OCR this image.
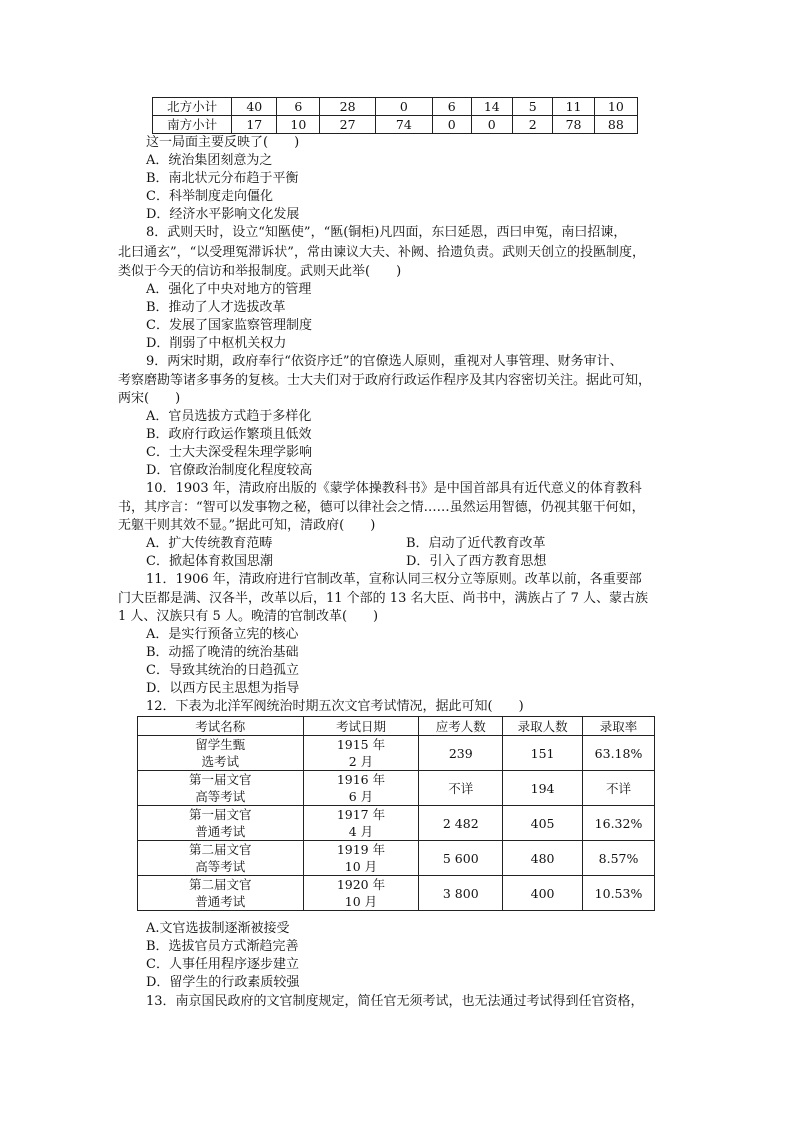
北方小计	40	6	28	0	6	14	5	11	10
南方小计	17	10	27	74	0	0	2	78	88
这一局面主要反映了(　　)
A．统治集团刻意为之
B．南北状元分布趋于平衡
C．科举制度走向僵化
D．经济水平影响文化发展
8．武则天时，设立“知匦使”，“匦(铜柜)凡四面，东曰延恩，西曰申冤，南曰招谏，
北曰通玄”，“以受理冤滞诉状”，常由谏议大夫、补阙、拾遗负责。武则天创立的投匦制度，
类似于今天的信访和举报制度。武则天此举(　　)
A．强化了中央对地方的管理
B．推动了人才选拔改革
C．发展了国家监察管理制度
D．削弱了中枢机关权力
9．两宋时期，政府奉行“依资序迁”的官僚选人原则，重视对人事管理、财务审计、
考察磨勘等诸多事务的复核。士大夫们对于政府行政运作程序及其内容密切关注。据此可知，
两宋(　　)
A．官员选拔方式趋于多样化
B．政府行政运作繁琐且低效
C．士大夫深受程朱理学影响
D．官僚政治制度化程度较高
10．1903 年，清政府出版的《蒙学体操教科书》是中国首部具有近代意义的体育教科
书，其序言：“智可以发事物之秘，德可以律社会之情……虽然运用智德，仍视其躯干何如，
无躯干则其效不显。”据此可知，清政府(　　)
A．扩大传统教育范畴	B．启动了近代教育改革
C．掀起体育救国思潮	D．引入了西方教育思想
11．1906 年，清政府进行官制改革，宣称认同三权分立等原则。改革以前，各重要部
门大臣都是满、汉各半，改革以后，11 个部的 13 名大臣、尚书中，满族占了 7 人、蒙古族
1 人、汉族只有 5 人。晚清的官制改革(　　)
A．是实行预备立宪的核心
B．动摇了晚清的统治基础
C．导致其统治的日趋孤立
D．以西方民主思想为指导
12．下表为北洋军阀统治时期五次文官考试情况，据此可知(　　)
考试名称	考试日期	应考人数	录取人数	录取率

留学生甄
选考试	1915 年
2 月	239	151	63.18%

第一届文官
高等考试	1916 年
6 月	不详	194	不详

第一届文官
普通考试	1917 年
4 月	2 482	405	16.32%

第二届文官
高等考试	1919 年
10 月	5 600	480	8.57%

第二届文官
普通考试	1920 年
10 月	3 800	400	10.53%
A.文官选拔制逐渐被接受
B．选拔官员方式渐趋完善
C．人事任用程序逐步建立
D．留学生的行政素质较强
13．南京国民政府的文官制度规定，简任官无须考试，也无法通过考试得到任官资格，
